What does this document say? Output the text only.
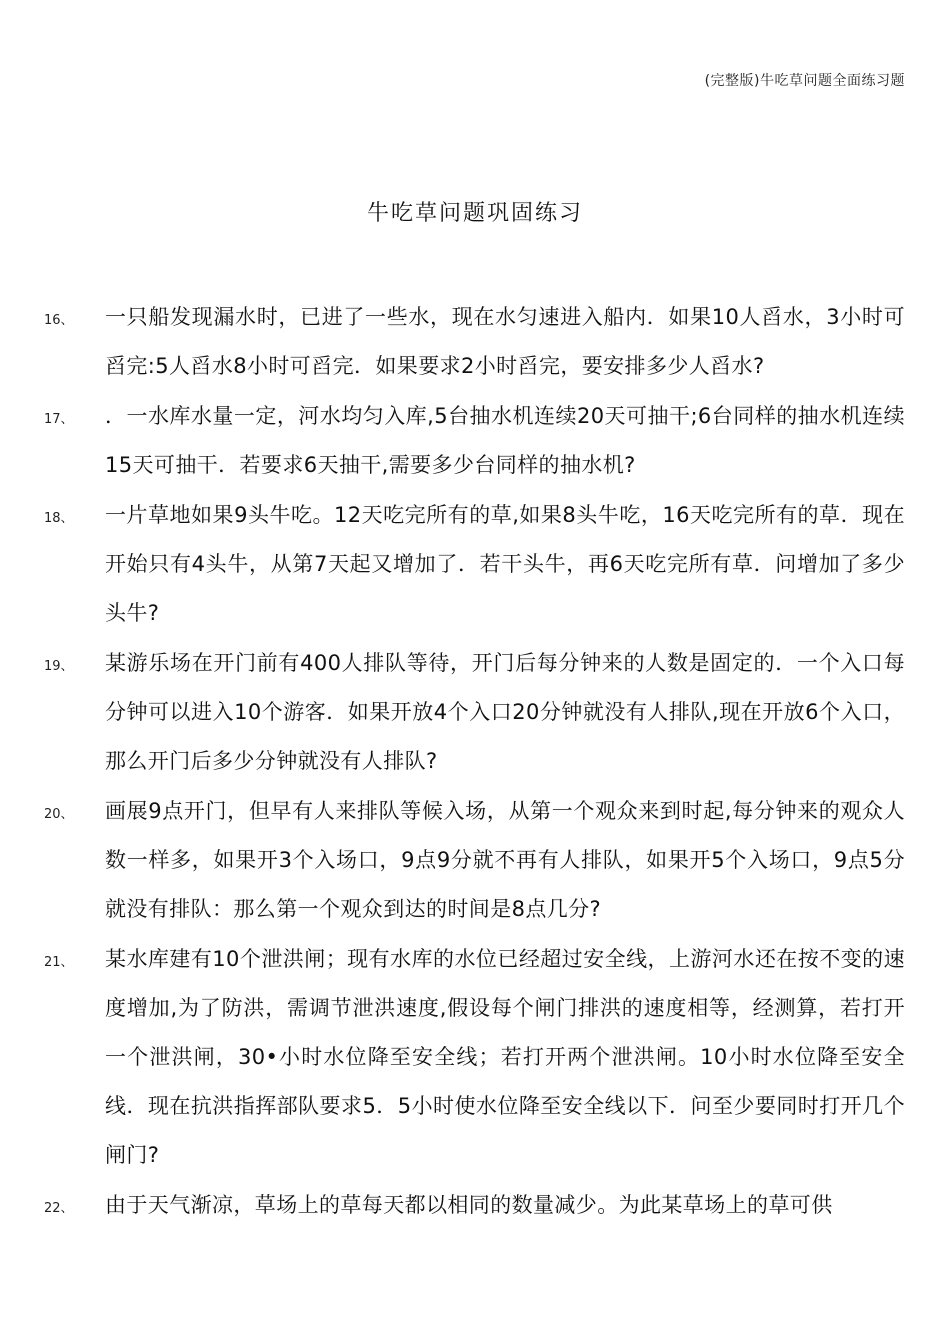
(完整版)牛吃草问题全面练习题
牛吃草问题巩固练习
16、 一只船发现漏水时，已进了一些水，现在水匀速进入船内．如果10人舀水，3小时可舀完:5人舀水8小时可舀完．如果要求2小时舀完，要安排多少人舀水?
17、 ．一水库水量一定，河水均匀入库,5台抽水机连续20天可抽干;6台同样的抽水机连续15天可抽干．若要求6天抽干,需要多少台同样的抽水机?
18、 一片草地如果9头牛吃。12天吃完所有的草,如果8头牛吃，16天吃完所有的草．现在开始只有4头牛，从第7天起又增加了．若干头牛，再6天吃完所有草．问增加了多少头牛?
19、 某游乐场在开门前有400人排队等待，开门后每分钟来的人数是固定的．一个入口每分钟可以进入10个游客．如果开放4个入口20分钟就没有人排队,现在开放6个入口，那么开门后多少分钟就没有人排队?
20、 画展9点开门，但早有人来排队等候入场，从第一个观众来到时起,每分钟来的观众人数一样多，如果开3个入场口，9点9分就不再有人排队，如果开5个入场口，9点5分就没有排队：那么第一个观众到达的时间是8点几分?
21、 某水库建有10个泄洪闸；现有水库的水位已经超过安全线，上游河水还在按不变的速度增加,为了防洪，需调节泄洪速度,假设每个闸门排洪的速度相等，经测算，若打开一个泄洪闸，30•小时水位降至安全线；若打开两个泄洪闸。10小时水位降至安全线．现在抗洪指挥部队要求5．5小时使水位降至安全线以下．问至少要同时打开几个闸门?
22、 由于天气渐凉，草场上的草每天都以相同的数量减少。为此某草场上的草可供
